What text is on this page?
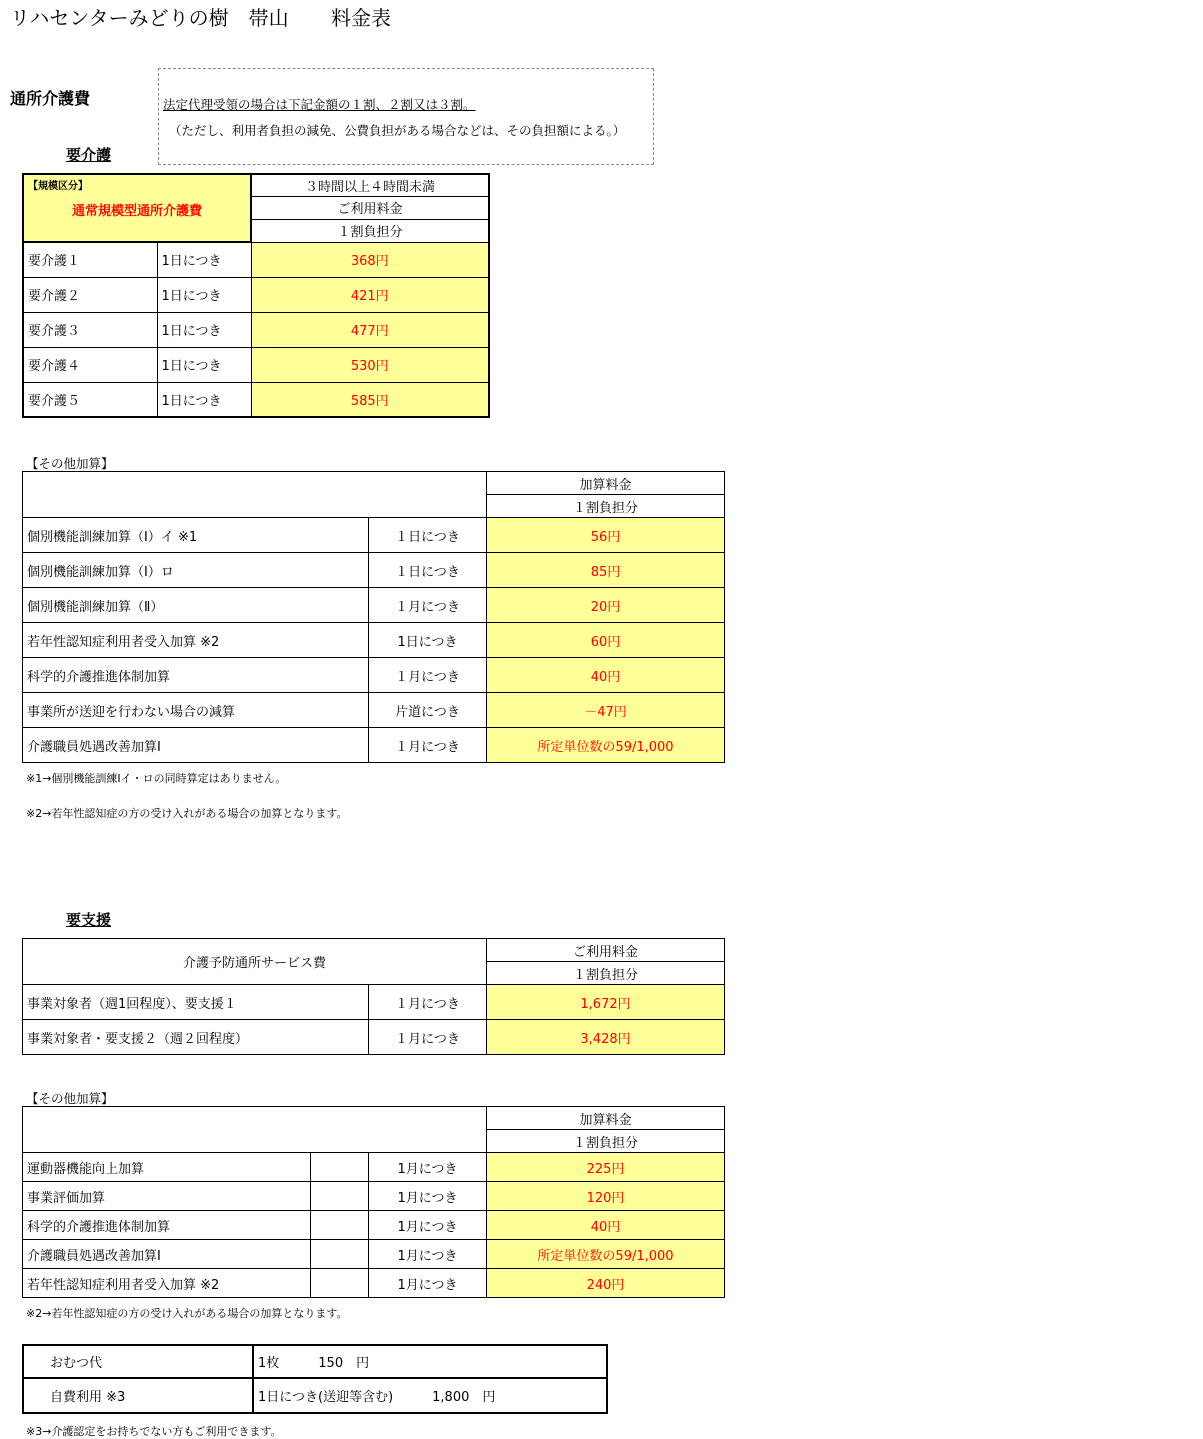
リハセンターみどりの樹　帯山 料金表
通所介護費	法定代理受領の場合は下記金額の１割、２割又は３割。
（ただし、利用者負担の減免、公費負担がある場合などは、その負担額による。）
要介護
【規模区分】
通常規模型通所介護費		３時間以上４時間未満
		ご利用料金
		１割負担分
要介護１	1日につき	368円
要介護２	1日につき	421円
要介護３	1日につき	477円
要介護４	1日につき	530円
要介護５	1日につき	585円
【その他加算】
		加算料金
		１割負担分
個別機能訓練加算（Ⅰ）イ ※1	１日につき	56円
個別機能訓練加算（Ⅰ）ロ	１日につき	85円
個別機能訓練加算（Ⅱ）	１月につき	20円
若年性認知症利用者受入加算 ※2	1日につき	60円
科学的介護推進体制加算	１月につき	40円
事業所が送迎を行わない場合の減算	片道につき	－47円
介護職員処遇改善加算Ⅰ	１月につき	所定単位数の59/1,000
※1→個別機能訓練Ⅰイ・ロの同時算定はありません。
※2→若年性認知症の方の受け入れがある場合の加算となります。
要支援
介護予防通所サービス費		ご利用料金
		１割負担分
事業対象者（週1回程度）、要支援１	１月につき	1,672円
事業対象者・要支援２（週２回程度）	１月につき	3,428円
【その他加算】
			加算料金
			１割負担分
運動器機能向上加算		1月につき	225円
事業評価加算		1月につき	120円
科学的介護推進体制加算		1月につき	40円
介護職員処遇改善加算Ⅰ		1月につき	所定単位数の59/1,000
若年性認知症利用者受入加算 ※2		1月につき	240円
※2→若年性認知症の方の受け入れがある場合の加算となります。
おむつ代	1枚　　　150　円
自費利用 ※3	1日につき(送迎等含む)　　　1,800　円
※3→介護認定をお持ちでない方もご利用できます。
